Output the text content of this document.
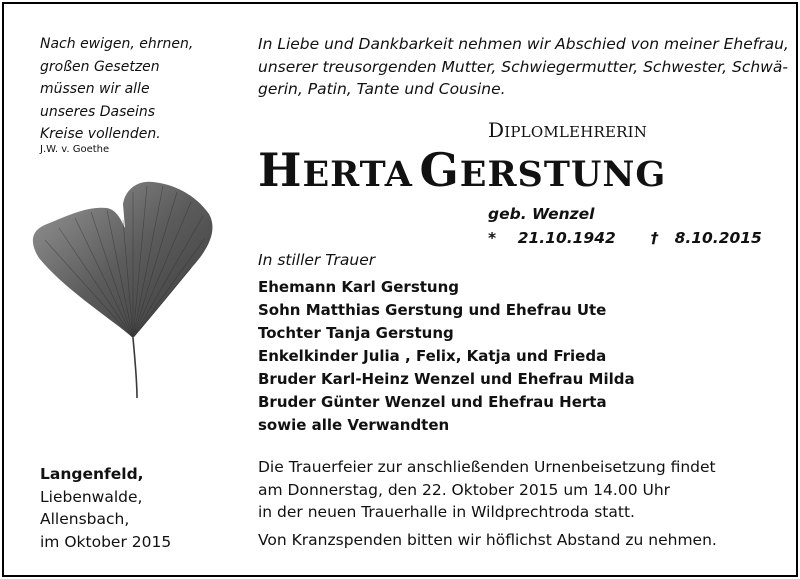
Nach ewigen, ehrnen,
großen Gesetzen
müssen wir alle
unseres Daseins
Kreise vollenden.
J.W. v. Goethe
In Liebe und Dankbarkeit nehmen wir Abschied von meiner Ehefrau,
unserer treusorgenden Mutter, Schwiegermutter, Schwester, Schwä-
gerin, Patin, Tante und Cousine.
DIPLOMLEHRERIN
HERTA GERSTUNG
geb. Wenzel
* 21.10.1942 † 8.10.2015
In stiller Trauer
Ehemann Karl Gerstung
Sohn Matthias Gerstung und Ehefrau Ute
Tochter Tanja Gerstung
Enkelkinder Julia , Felix, Katja und Frieda
Bruder Karl-Heinz Wenzel und Ehefrau Milda
Bruder Günter Wenzel und Ehefrau Herta
sowie alle Verwandten
Langenfeld,
Liebenwalde,
Allensbach,
im Oktober 2015
Die Trauerfeier zur anschließenden Urnenbeisetzung findet
am Donnerstag, den 22. Oktober 2015 um 14.00 Uhr
in der neuen Trauerhalle in Wildprechtroda statt.
Von Kranzspenden bitten wir höflichst Abstand zu nehmen.
